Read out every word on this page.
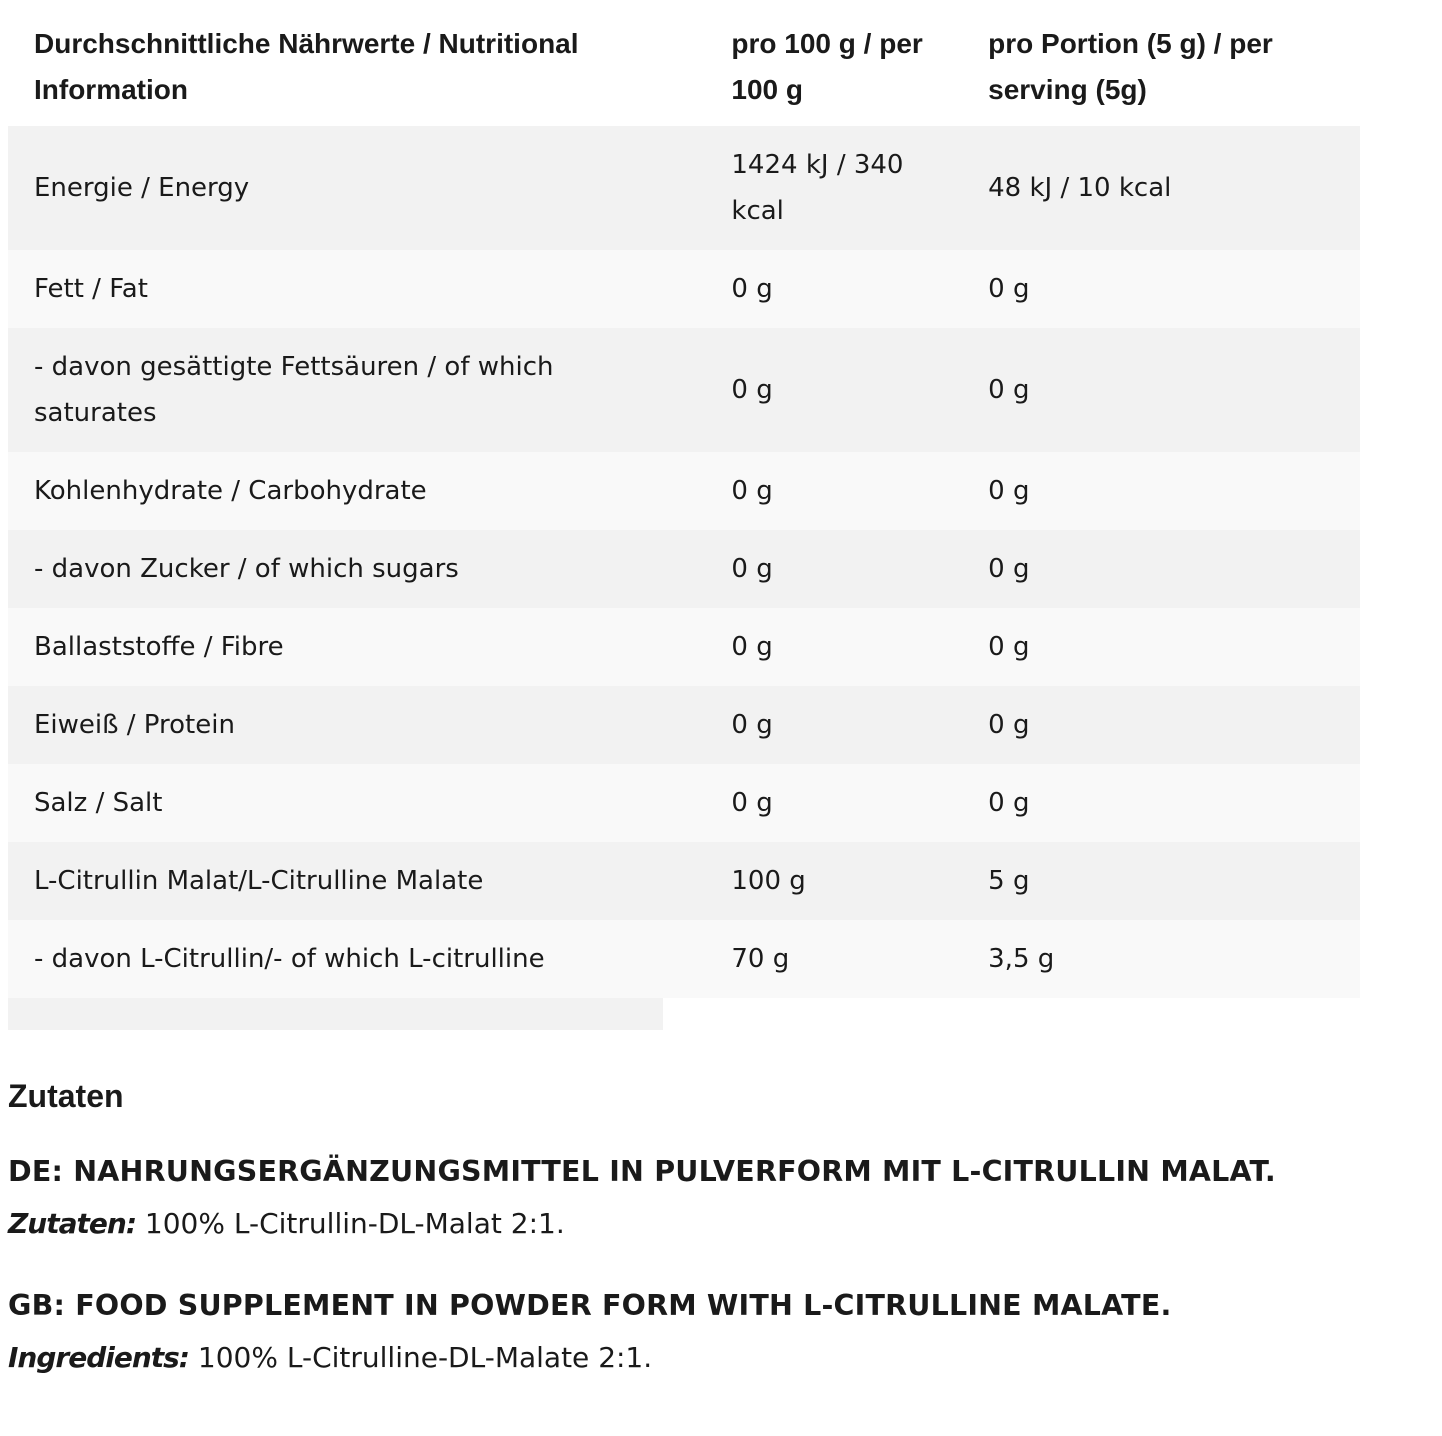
Durchschnittliche Nährwerte / Nutritional Information	pro 100 g / per 100 g	pro Portion (5 g) / per serving (5g)
Energie / Energy	1424 kJ / 340 kcal	48 kJ / 10 kcal
Fett / Fat	0 g	0 g
- davon gesättigte Fettsäuren / of which saturates	0 g	0 g
Kohlenhydrate / Carbohydrate	0 g	0 g
- davon Zucker / of which sugars	0 g	0 g
Ballaststoffe / Fibre	0 g	0 g
Eiweiß / Protein	0 g	0 g
Salz / Salt	0 g	0 g
L-Citrullin Malat/L-Citrulline Malate	100 g	5 g
- davon L-Citrullin/- of which L-citrulline	70 g	3,5 g
Zutaten

DE: NAHRUNGSERGÄNZUNGSMITTEL IN PULVERFORM MIT L-CITRULLIN MALAT.
Zutaten: 100% L-Citrullin-DL-Malat 2:1.

GB: FOOD SUPPLEMENT IN POWDER FORM WITH L-CITRULLINE MALATE.
Ingredients: 100% L-Citrulline-DL-Malate 2:1.
